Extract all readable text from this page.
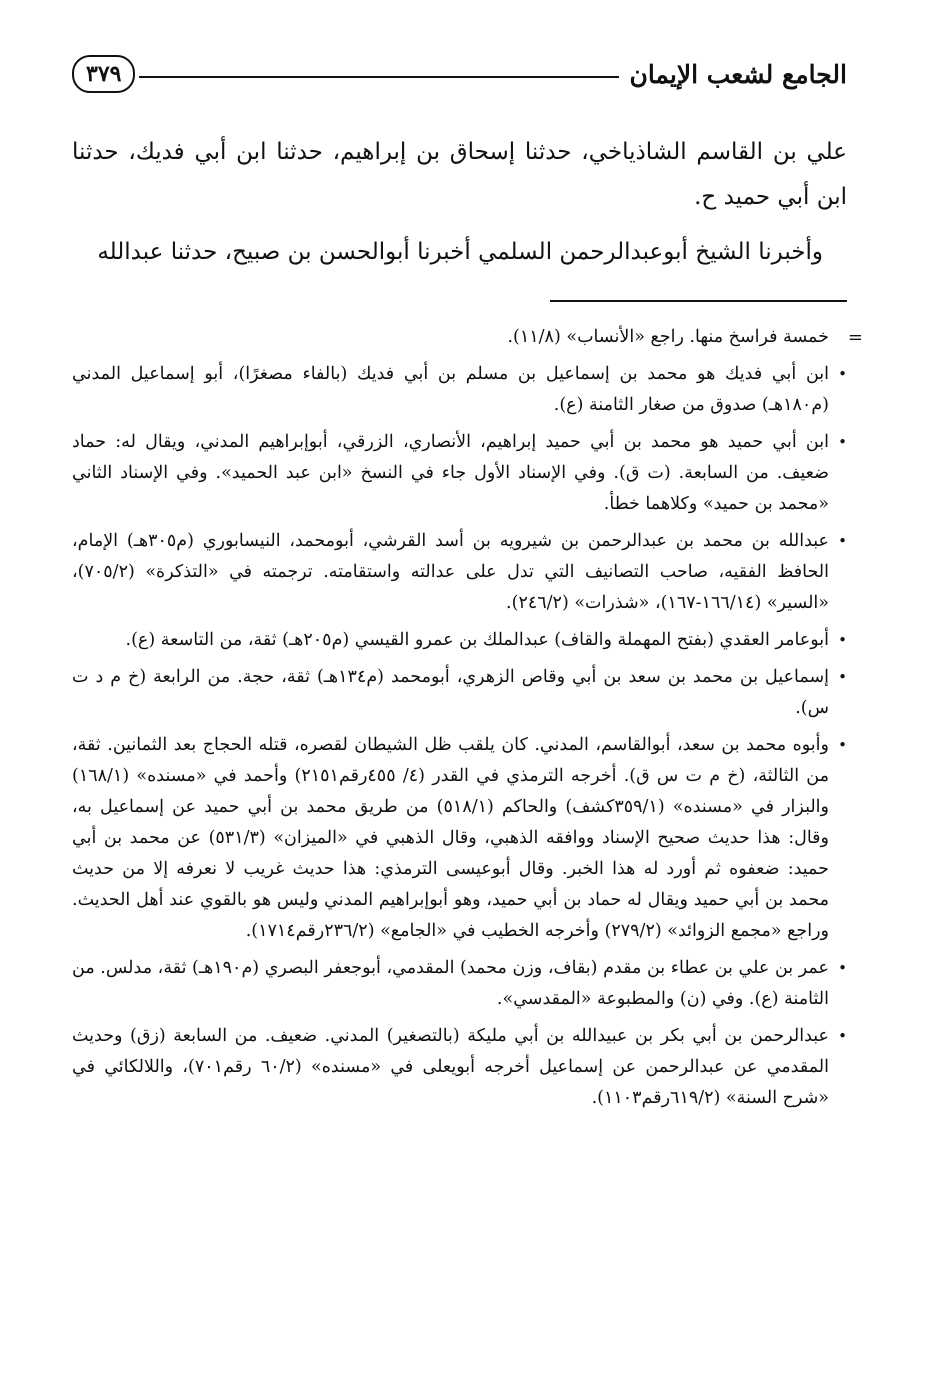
الجامع لشعب الإيمان
٣٧٩

علي بن القاسم الشاذياخي، حدثنا إسحاق بن إبراهيم، حدثنا ابن أبي فديك، حدثنا ابن أبي حميد ح.

وأخبرنا الشيخ أبوعبدالرحمن السلمي أخبرنا أبوالحسن بن صبيح، حدثنا عبدالله

=
خمسة فراسخ منها. راجع «الأنساب» (١١/٨).
•
ابن أبي فديك هو محمد بن إسماعيل بن مسلم بن أبي فديك (بالفاء مصغرًا)، أبو إسماعيل المدني (م١٨٠هـ) صدوق من صغار الثامنة (ع).
•
ابن أبي حميد هو محمد بن أبي حميد إبراهيم، الأنصاري، الزرقي، أبوإبراهيم المدني، ويقال له: حماد ضعيف. من السابعة. (ت ق). وفي الإسناد الأول جاء في النسخ «ابن عبد الحميد». وفي الإسناد الثاني «محمد بن حميد» وكلاهما خطأ.
•
عبدالله بن محمد بن عبدالرحمن بن شيرويه بن أسد القرشي، أبومحمد، النيسابوري (م٣٠٥هـ) الإمام، الحافظ الفقيه، صاحب التصانيف التي تدل على عدالته واستقامته. ترجمته في «التذكرة» (٧٠٥/٢)، «السير» (١٦٦/١٤-١٦٧)، «شذرات» (٢٤٦/٢).
•
أبوعامر العقدي (بفتح المهملة والقاف) عبدالملك بن عمرو القيسي (م٢٠٥هـ) ثقة، من التاسعة (ع).
•
إسماعيل بن محمد بن سعد بن أبي وقاص الزهري، أبومحمد (م١٣٤هـ) ثقة، حجة. من الرابعة (خ م د ت س).
•
وأبوه محمد بن سعد، أبوالقاسم، المدني. كان يلقب ظل الشيطان لقصره، قتله الحجاج بعد الثمانين. ثقة، من الثالثة، (خ م ت س ق). أخرجه الترمذي في القدر (٤/ ٤٥٥رقم٢١٥١) وأحمد في «مسنده» (١٦٨/١) والبزار في «مسنده» (٣٥٩/١كشف) والحاكم (٥١٨/١) من طريق محمد بن أبي حميد عن إسماعيل به، وقال: هذا حديث صحيح الإسناد ووافقه الذهبي، وقال الذهبي في «الميزان» (٥٣١/٣) عن محمد بن أبي حميد: ضعفوه ثم أورد له هذا الخبر. وقال أبوعيسى الترمذي: هذا حديث غريب لا نعرفه إلا من حديث محمد بن أبي حميد ويقال له حماد بن أبي حميد، وهو أبوإبراهيم المدني وليس هو بالقوي عند أهل الحديث. وراجع «مجمع الزوائد» (٢٧٩/٢) وأخرجه الخطيب في «الجامع» (٢٣٦/٢رقم١٧١٤).
•
عمر بن علي بن عطاء بن مقدم (بقاف، وزن محمد) المقدمي، أبوجعفر البصري (م١٩٠هـ) ثقة، مدلس. من الثامنة (ع). وفي (ن) والمطبوعة «المقدسي».
•
عبدالرحمن بن أبي بكر بن عبيدالله بن أبي مليكة (بالتصغير) المدني. ضعيف. من السابعة (زق) وحديث المقدمي عن عبدالرحمن عن إسماعيل أخرجه أبويعلى في «مسنده» (٦٠/٢ رقم٧٠١)، واللالكائي في «شرح السنة» (٦١٩/٢رقم١١٠٣).
